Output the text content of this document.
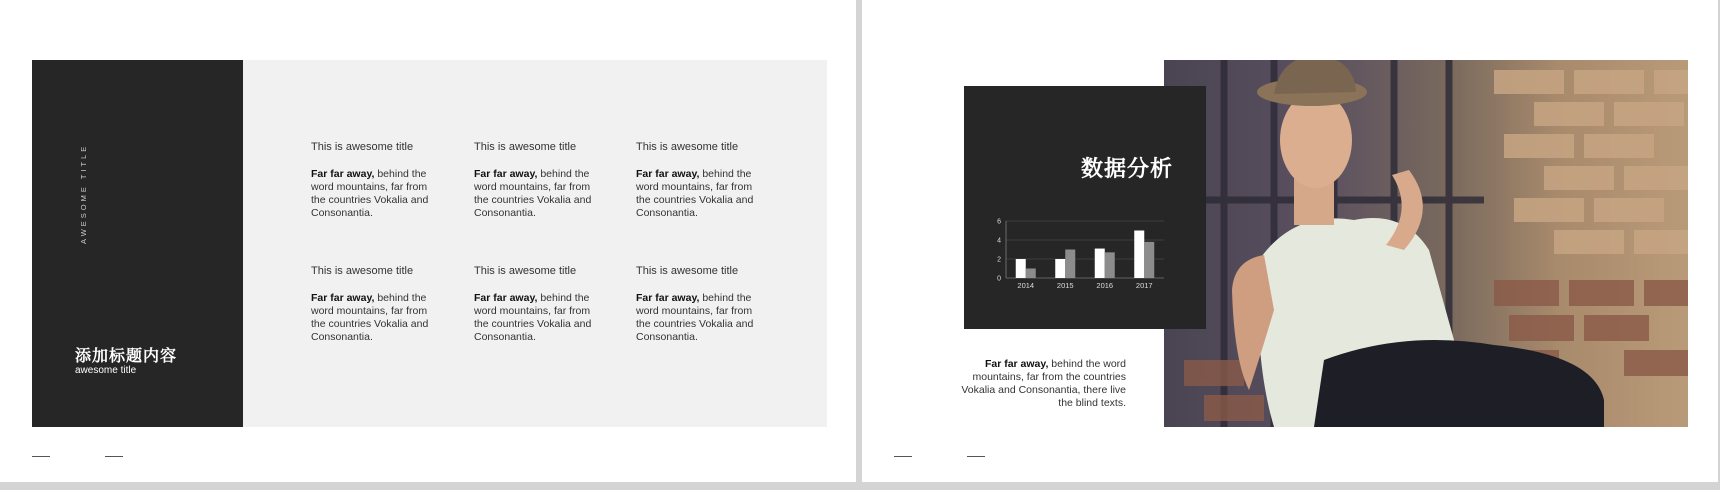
AWESOME TITLE
添加标题内容
awesome title
This is awesome title
Far far away, behind the word mountains, far from the countries Vokalia and Consonantia.
This is awesome title
Far far away, behind the word mountains, far from the countries Vokalia and Consonantia.
This is awesome title
Far far away, behind the word mountains, far from the countries Vokalia and Consonantia.
This is awesome title
Far far away, behind the word mountains, far from the countries Vokalia and Consonantia.
This is awesome title
Far far away, behind the word mountains, far from the countries Vokalia and Consonantia.
This is awesome title
Far far away, behind the word mountains, far from the countries Vokalia and Consonantia.
数据分析
0
2
4
6
2014	2015	2016	2017
Far far away, behind the word mountains, far from the countries Vokalia and Consonantia, there live the blind texts.
